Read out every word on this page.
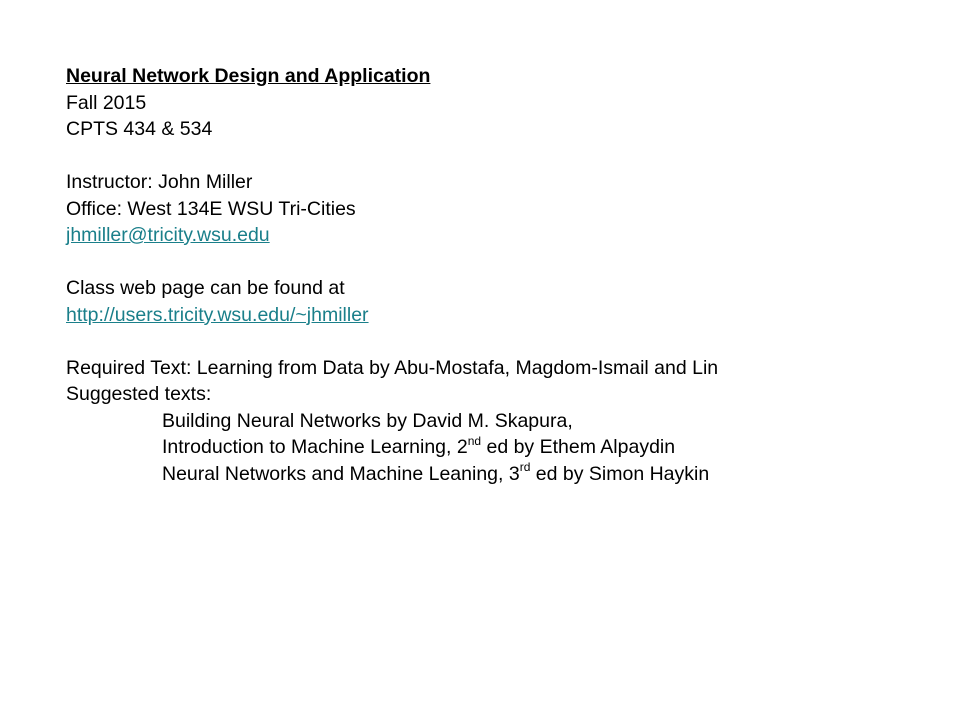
Neural Network Design and Application
Fall 2015
CPTS 434 & 534
Instructor: John Miller
Office: West 134E WSU Tri-Cities
jhmiller@tricity.wsu.edu
Class web page can be found at
http://users.tricity.wsu.edu/~jhmiller
Required Text: Learning from Data by Abu-Mostafa, Magdom-Ismail and Lin
Suggested texts:
Building Neural Networks by David M. Skapura,
Introduction to Machine Learning, 2nd ed by Ethem Alpaydin
Neural Networks and Machine Leaning, 3rd ed by Simon Haykin
